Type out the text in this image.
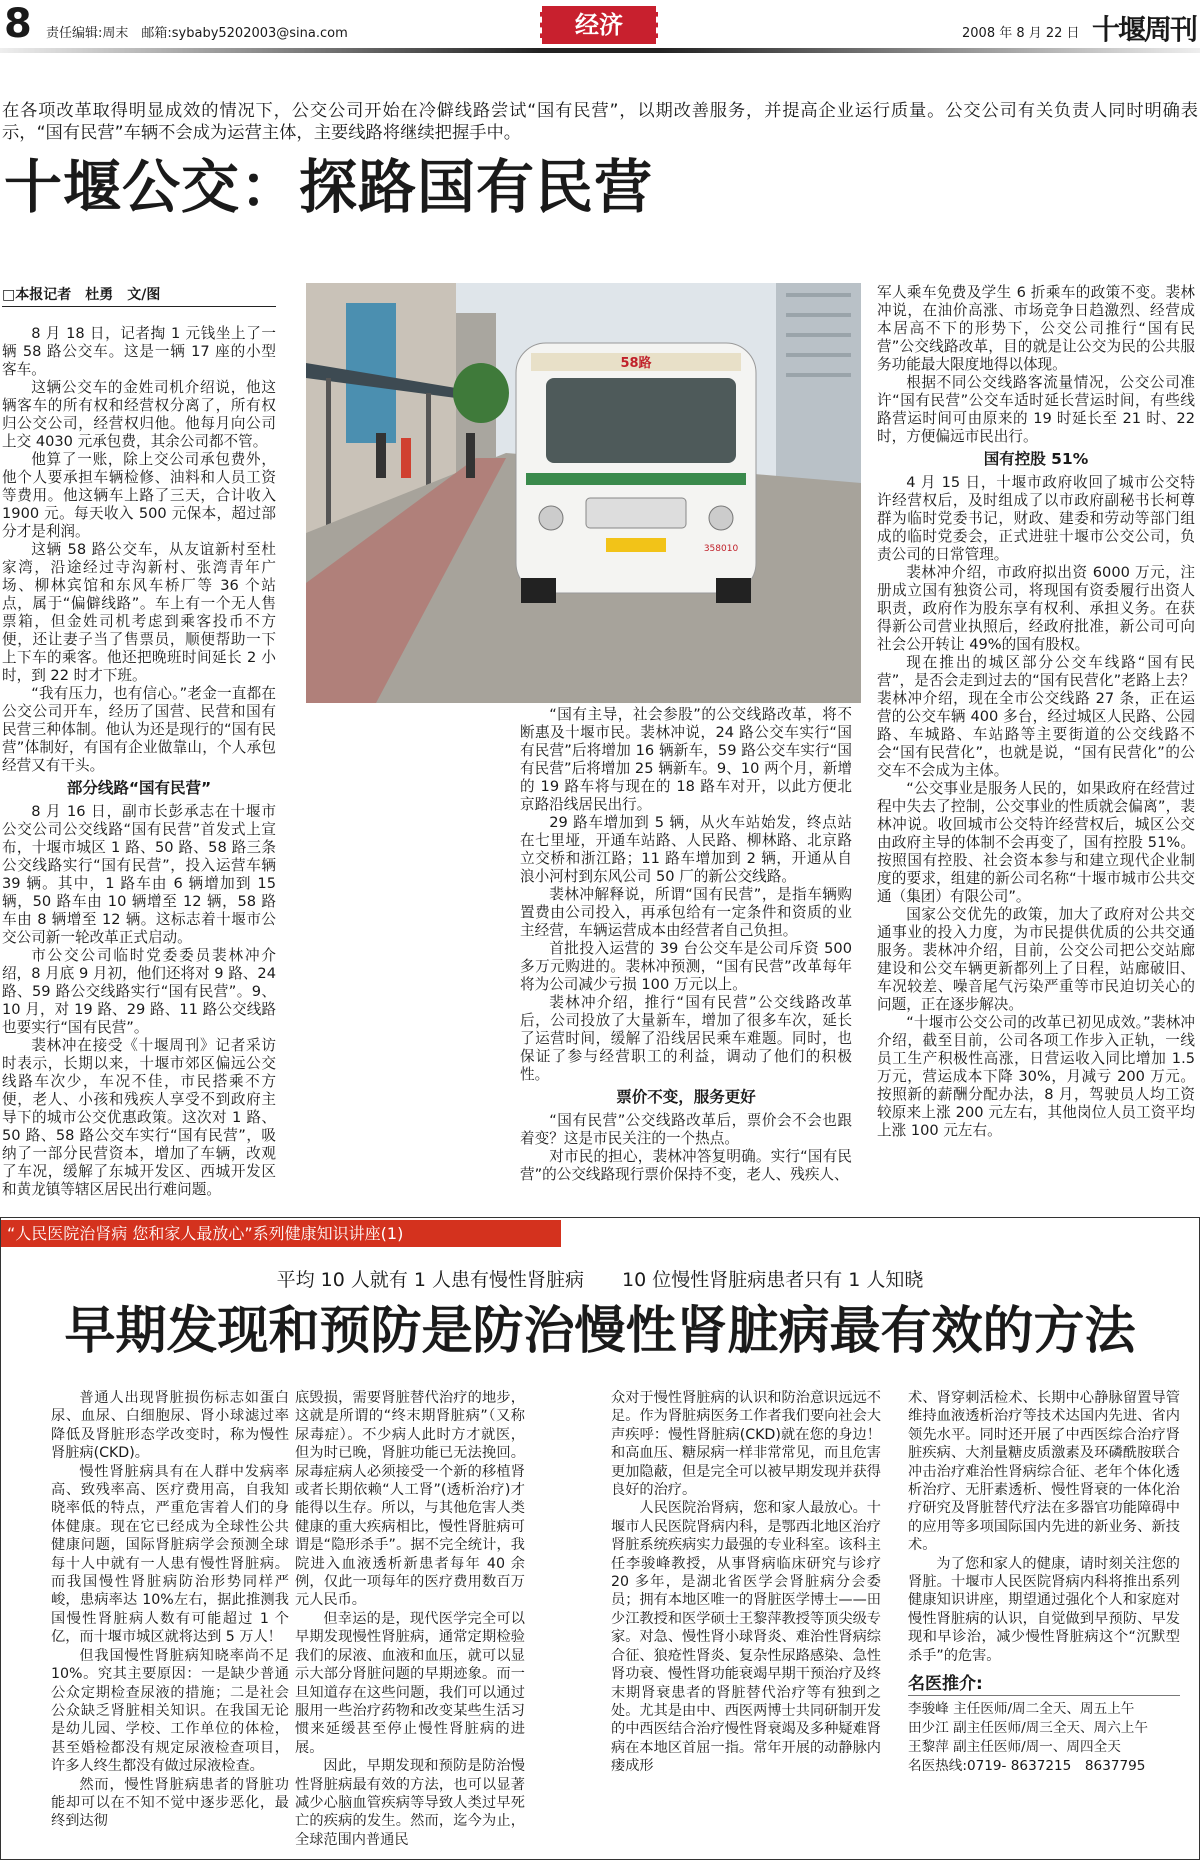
8 责任编辑:周末　邮箱:sybaby5202003@sina.com	经济	2008 年 8 月 22 日 十堰周刊
在各项改革取得明显成效的情况下，公交公司开始在冷僻线路尝试“国有民营”，以期改善服务，并提高企业运行质量。公交公司有关负责人同时明确表示，“国有民营”车辆不会成为运营主体，主要线路将继续把握手中。
十堰公交：探路国有民营
□本报记者　杜勇　文/图

8 月 18 日，记者掏 1 元钱坐上了一辆 58 路公交车。这是一辆 17 座的小型客车。

这辆公交车的金姓司机介绍说，他这辆客车的所有权和经营权分离了，所有权归公交公司，经营权归他。他每月向公司上交 4030 元承包费，其余公司都不管。

他算了一账，除上交公司承包费外，他个人要承担车辆检修、油料和人员工资等费用。他这辆车上路了三天，合计收入 1900 元。每天收入 500 元保本，超过部分才是利润。

这辆 58 路公交车，从友谊新村至杜家湾，沿途经过寺沟新村、张湾青年广场、柳林宾馆和东风车桥厂等 36 个站点，属于“偏僻线路”。车上有一个无人售票箱，但金姓司机考虑到乘客投币不方便，还让妻子当了售票员，顺便帮助一下上下车的乘客。他还把晚班时间延长 2 小时，到 22 时才下班。

“我有压力，也有信心。”老金一直都在公交公司开车，经历了国营、民营和国有民营三种体制。他认为还是现行的“国有民营”体制好，有国有企业做靠山，个人承包经营又有干头。

部分线路“国有民营”

8 月 16 日，副市长彭承志在十堰市公交公司公交线路“国有民营”首发式上宣布，十堰市城区 1 路、50 路、58 路三条公交线路实行“国有民营”，投入运营车辆 39 辆。其中，1 路车由 6 辆增加到 15 辆，50 路车由 10 辆增至 12 辆，58 路车由 8 辆增至 12 辆。这标志着十堰市公交公司新一轮改革正式启动。

市公交公司临时党委委员裴林冲介绍，8 月底 9 月初，他们还将对 9 路、24 路、59 路公交线路实行“国有民营”。9、10 月，对 19 路、29 路、11 路公交线路也要实行“国有民营”。

裴林冲在接受《十堰周刊》记者采访时表示，长期以来，十堰市郊区偏远公交线路车次少，车况不佳，市民搭乘不方便，老人、小孩和残疾人享受不到政府主导下的城市公交优惠政策。这次对 1 路、50 路、58 路公交车实行“国有民营”，吸纳了一部分民营资本，增加了车辆，改观了车况，缓解了东城开发区、西城开发区和黄龙镇等辖区居民出行难问题。

58路
358010

“国有主导，社会参股”的公交线路改革，将不断惠及十堰市民。裴林冲说，24 路公交车实行“国有民营”后将增加 16 辆新车，59 路公交车实行“国有民营”后将增加 25 辆新车。9、10 两个月，新增的 19 路车将与现在的 18 路车对开，以此方便北京路沿线居民出行。

29 路车增加到 5 辆，从火车站始发，终点站在七里垭，开通车站路、人民路、柳林路、北京路立交桥和浙江路；11 路车增加到 2 辆，开通从自浪小河村到东风公司 50 厂的新公交线路。

裴林冲解释说，所谓“国有民营”，是指车辆购置费由公司投入，再承包给有一定条件和资质的业主经营，车辆运营成本由经营者自己负担。

首批投入运营的 39 台公交车是公司斥资 500 多万元购进的。裴林冲预测，“国有民营”改革每年将为公司减少亏损 100 万元以上。

裴林冲介绍，推行“国有民营”公交线路改革后，公司投放了大量新车，增加了很多车次，延长了运营时间，缓解了沿线居民乘车难题。同时，也保证了参与经营职工的利益，调动了他们的积极性。

票价不变，服务更好

“国有民营”公交线路改革后，票价会不会也跟着变？这是市民关注的一个热点。

对市民的担心，裴林冲答复明确。实行“国有民营”的公交线路现行票价保持不变，老人、残疾人、

军人乘车免费及学生 6 折乘车的政策不变。裴林冲说，在油价高涨、市场竞争日趋激烈、经营成本居高不下的形势下，公交公司推行“国有民营”公交线路改革，目的就是让公交为民的公共服务功能最大限度地得以体现。

根据不同公交线路客流量情况，公交公司准许“国有民营”公交车适时延长营运时间，有些线路营运时间可由原来的 19 时延长至 21 时、22 时，方便偏远市民出行。

国有控股 51%

4 月 15 日，十堰市政府收回了城市公交特许经营权后，及时组成了以市政府副秘书长柯尊群为临时党委书记，财政、建委和劳动等部门组成的临时党委会，正式进驻十堰市公交公司，负责公司的日常管理。

裴林冲介绍，市政府拟出资 6000 万元，注册成立国有独资公司，将现国有资委履行出资人职责，政府作为股东享有权利、承担义务。在获得新公司营业执照后，经政府批准，新公司可向社会公开转让 49%的国有股权。

现在推出的城区部分公交车线路“国有民营”，是否会走到过去的“国有民营化”老路上去？裴林冲介绍，现在全市公交线路 27 条，正在运营的公交车辆 400 多台，经过城区人民路、公园路、车城路、车站路等主要街道的公交线路不会“国有民营化”，也就是说，“国有民营化”的公交车不会成为主体。

“公交事业是服务人民的，如果政府在经营过程中失去了控制，公交事业的性质就会偏离”，裴林冲说。收回城市公交特许经营权后，城区公交由政府主导的体制不会再变了，国有控股 51%。按照国有控股、社会资本参与和建立现代企业制度的要求，组建的新公司名称“十堰市城市公共交通（集团）有限公司”。

国家公交优先的政策，加大了政府对公共交通事业的投入力度，为市民提供优质的公共交通服务。裴林冲介绍，目前，公交公司把公交站廊建设和公交车辆更新都列上了日程，站廊破旧、车况较差、噪音尾气污染严重等市民迫切关心的问题，正在逐步解决。

“十堰市公交公司的改革已初见成效。”裴林冲介绍，截至目前，公司各项工作步入正轨，一线员工生产积极性高涨，日营运收入同比增加 1.5 万元，营运成本下降 30%，月减亏 200 万元。按照新的薪酬分配办法，8 月，驾驶员人均工资较原来上涨 200 元左右，其他岗位人员工资平均上涨 100 元左右。

“人民医院治肾病 您和家人最放心”系列健康知识讲座(1)
平均 10 人就有 1 人患有慢性肾脏病　　10 位慢性肾脏病患者只有 1 人知晓
早期发现和预防是防治慢性肾脏病最有效的方法

普通人出现肾脏损伤标志如蛋白尿、血尿、白细胞尿、肾小球滤过率降低及肾脏形态学改变时，称为慢性肾脏病(CKD)。

慢性肾脏病具有在人群中发病率高、致残率高、医疗费用高，自我知晓率低的特点，严重危害着人们的身体健康。现在它已经成为全球性公共健康问题，国际肾脏病学会预测全球每十人中就有一人患有慢性肾脏病。而我国慢性肾脏病防治形势同样严峻，患病率达 10%左右，据此推测我国慢性肾脏病人数有可能超过 1 个亿，而十堰市城区就将达到 5 万人！

但我国慢性肾脏病知晓率尚不足 10%。究其主要原因：一是缺少普通公众定期检查尿液的措施；二是社会公众缺乏肾脏相关知识。在我国无论是幼儿园、学校、工作单位的体检，甚至婚检都没有规定尿液检查项目，许多人终生都没有做过尿液检查。

然而，慢性肾脏病患者的肾脏功能却可以在不知不觉中逐步恶化，最终到达彻

底毁损，需要肾脏替代治疗的地步，这就是所谓的“终末期肾脏病”（又称尿毒症）。不少病人此时方才就医，但为时已晚，肾脏功能已无法挽回。尿毒症病人必须接受一个新的移植肾或者长期依赖“人工肾”(透析治疗)才能得以生存。所以，与其他危害人类健康的重大疾病相比，慢性肾脏病可谓是“隐形杀手”。据不完全统计，我院进入血液透析新患者每年 40 余例，仅此一项每年的医疗费用数百万元人民币。

但幸运的是，现代医学完全可以早期发现慢性肾脏病，通常定期检验我们的尿液、血液和血压，就可以显示大部分肾脏问题的早期迹象。而一旦知道存在这些问题，我们可以通过服用一些治疗药物和改变某些生活习惯来延缓甚至停止慢性肾脏病的进展。

因此，早期发现和预防是防治慢性肾脏病最有效的方法，也可以显著减少心脑血管疾病等导致人类过早死亡的疾病的发生。然而，迄今为止，全球范围内普通民

众对于慢性肾脏病的认识和防治意识远远不足。作为肾脏病医务工作者我们要向社会大声疾呼：慢性肾脏病(CKD)就在您的身边！和高血压、糖尿病一样非常常见，而且危害更加隐蔽，但是完全可以被早期发现并获得良好的治疗。

人民医院治肾病，您和家人最放心。十堰市人民医院肾病内科，是鄂西北地区治疗肾脏系统疾病实力最强的专业科室。该科主任李骏峰教授，从事肾病临床研究与诊疗 20 多年，是湖北省医学会肾脏病分会委员；拥有本地区唯一的肾脏医学博士——田少江教授和医学硕士王黎萍教授等顶尖级专家。对急、慢性肾小球肾炎、难治性肾病综合征、狼疮性肾炎、复杂性尿路感染、急性肾功衰、慢性肾功能衰竭早期干预治疗及终末期肾衰患者的肾脏替代治疗等有独到之处。尤其是由中、西医两博士共同研制开发的中西医结合治疗慢性肾衰竭及多种疑难肾病在本地区首屈一指。常年开展的动静脉内瘘成形

术、肾穿刺活检术、长期中心静脉留置导管维持血液透析治疗等技术达国内先进、省内领先水平。同时还开展了中西医综合治疗肾脏疾病、大剂量糖皮质激素及环磷酰胺联合冲击治疗难治性肾病综合征、老年个体化透析治疗、无肝素透析、慢性肾衰的一体化治疗研究及肾脏替代疗法在多器官功能障碍中的应用等多项国际国内先进的新业务、新技术。

为了您和家人的健康，请时刻关注您的肾脏。十堰市人民医院肾病内科将推出系列健康知识讲座，期望通过强化个人和家庭对慢性肾脏病的认识，自觉做到早预防、早发现和早诊治，减少慢性肾脏病这个“沉默型杀手”的危害。

名医推介:
李骏峰 主任医师/周二全天、周五上午
田少江 副主任医师/周三全天、周六上午
王黎萍 副主任医师/周一、周四全天
名医热线:0719- 8637215　8637795
